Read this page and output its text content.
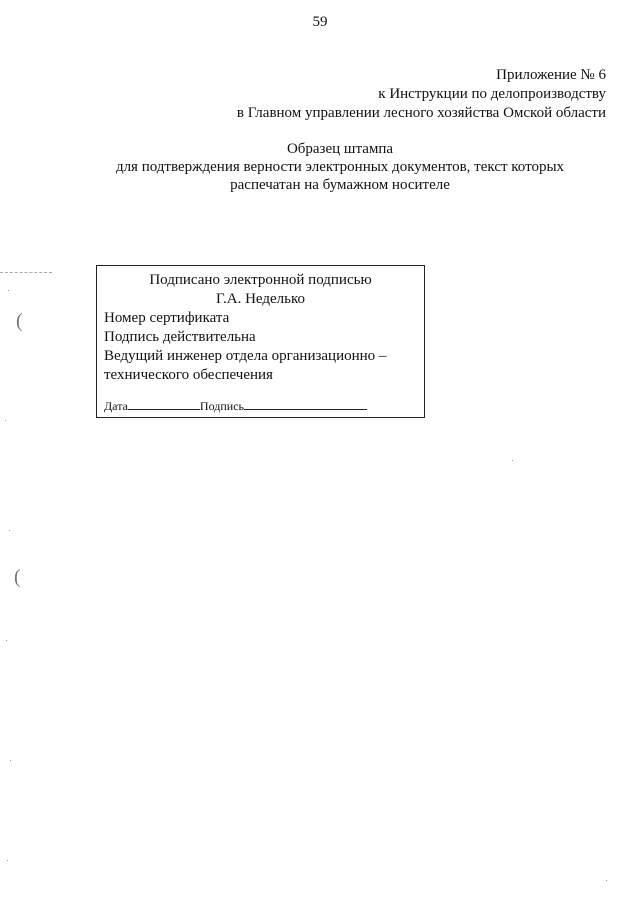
59
Приложение № 6
к Инструкции по делопроизводству
в Главном управлении лесного хозяйства Омской области
Образец штампа
для подтверждения верности электронных документов, текст которых
распечатан на бумажном носителе
Подписано электронной подписью
Г.А. Неделько
Номер сертификата
Подпись действительна
Ведущий инженер отдела организационно –
технического обеспечения
Дата	Подпись
(
(
